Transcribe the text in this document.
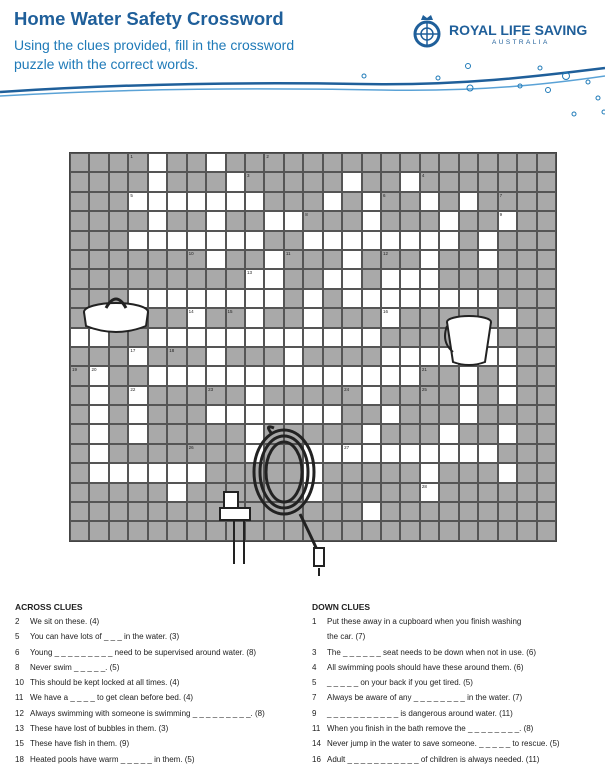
Home Water Safety Crossword
Using the clues provided, fill in the crossword puzzle with the correct words.
ROYAL LIFE SAVING
AUSTRALIA
1	2
3	4
5	6	7
8	9
10	11	12
13
14	15	16
17	18
19	20	21
22	23	24	25
26	27
28
ACROSS CLUES
2	We sit on these. (4)
5	You can have lots of _ _ _ in the water. (3)
6	Young _ _ _ _ _ _ _ _ _ need to be supervised around water. (8)
8	Never swim _ _ _ _ _. (5)
10 This should be kept locked at all times. (4)
11 We have a _ _ _ _ to get clean before bed. (4)
12 Always swimming with someone is swimming _ _ _ _ _ _ _ _ _. (8)
13 These have lost of bubbles in them. (3)
15 These have fish in them. (9)
18 Heated pools have warm _ _ _ _ _ in them. (5)
DOWN CLUES
1	Put these away in a cupboard when you finish washing
the car. (7)
3	The _ _ _ _ _ _ seat needs to be down when not in use. (6)
4	All swimming pools should have these around them. (6)
5	_ _ _ _ _ on your back if you get tired. (5)
7	Always be aware of any _ _ _ _ _ _ _ _ in the water. (7)
9	_ _ _ _ _ _ _ _ _ _ _ is dangerous around water. (11)
11 When you finish in the bath remove the _ _ _ _ _ _ _ _. (8)
14 Never jump in the water to save someone. _ _ _ _ _ to rescue. (5)
16 Adult _ _ _ _ _ _ _ _ _ _ _ of children is always needed. (11)
